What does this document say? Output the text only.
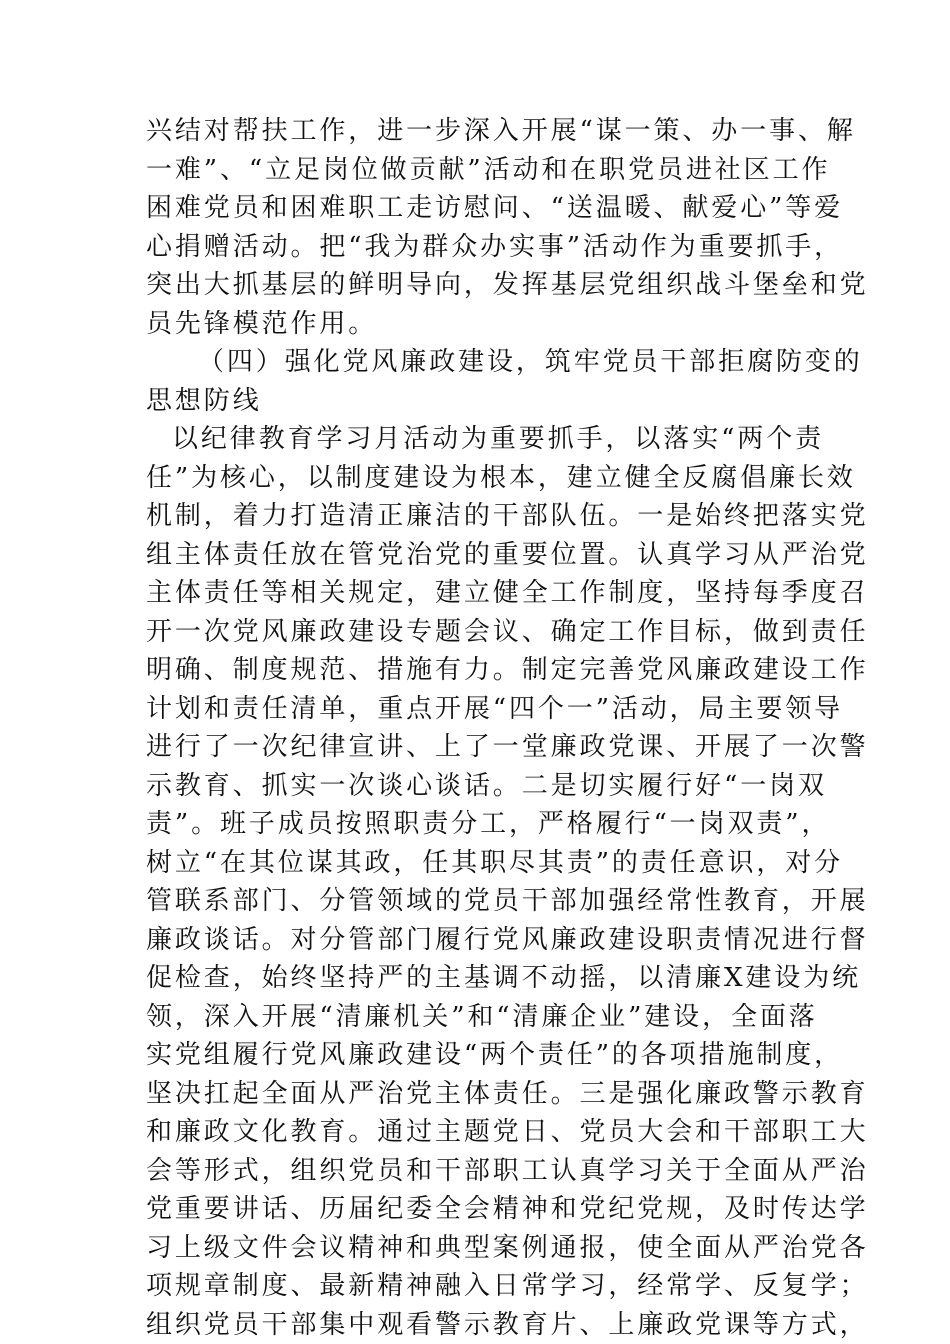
兴结对帮扶工作，进一步深入开展“谋一策、办一事、解
一难”、“立足岗位做贡献”活动和在职党员进社区工作
困难党员和困难职工走访慰问、“送温暖、献爱心”等爱
心捐赠活动。把“我为群众办实事”活动作为重要抓手，
突出大抓基层的鲜明导向，发挥基层党组织战斗堡垒和党
员先锋模范作用。
（四）强化党风廉政建设，筑牢党员干部拒腐防变的
思想防线
以纪律教育学习月活动为重要抓手，以落实“两个责
任”为核心，以制度建设为根本，建立健全反腐倡廉长效
机制，着力打造清正廉洁的干部队伍。一是始终把落实党
组主体责任放在管党治党的重要位置。认真学习从严治党
主体责任等相关规定，建立健全工作制度，坚持每季度召
开一次党风廉政建设专题会议、确定工作目标，做到责任
明确、制度规范、措施有力。制定完善党风廉政建设工作
计划和责任清单，重点开展“四个一”活动，局主要领导
进行了一次纪律宣讲、上了一堂廉政党课、开展了一次警
示教育、抓实一次谈心谈话。二是切实履行好“一岗双
责”。班子成员按照职责分工，严格履行“一岗双责”，
树立“在其位谋其政，任其职尽其责”的责任意识，对分
管联系部门、分管领域的党员干部加强经常性教育，开展
廉政谈话。对分管部门履行党风廉政建设职责情况进行督
促检查，始终坚持严的主基调不动摇，以清廉X建设为统
领，深入开展“清廉机关”和“清廉企业”建设，全面落
实党组履行党风廉政建设“两个责任”的各项措施制度，
坚决扛起全面从严治党主体责任。三是强化廉政警示教育
和廉政文化教育。通过主题党日、党员大会和干部职工大
会等形式，组织党员和干部职工认真学习关于全面从严治
党重要讲话、历届纪委全会精神和党纪党规，及时传达学
习上级文件会议精神和典型案例通报，使全面从严治党各
项规章制度、最新精神融入日常学习，经常学、反复学；
组织党员干部集中观看警示教育片、上廉政党课等方式，
